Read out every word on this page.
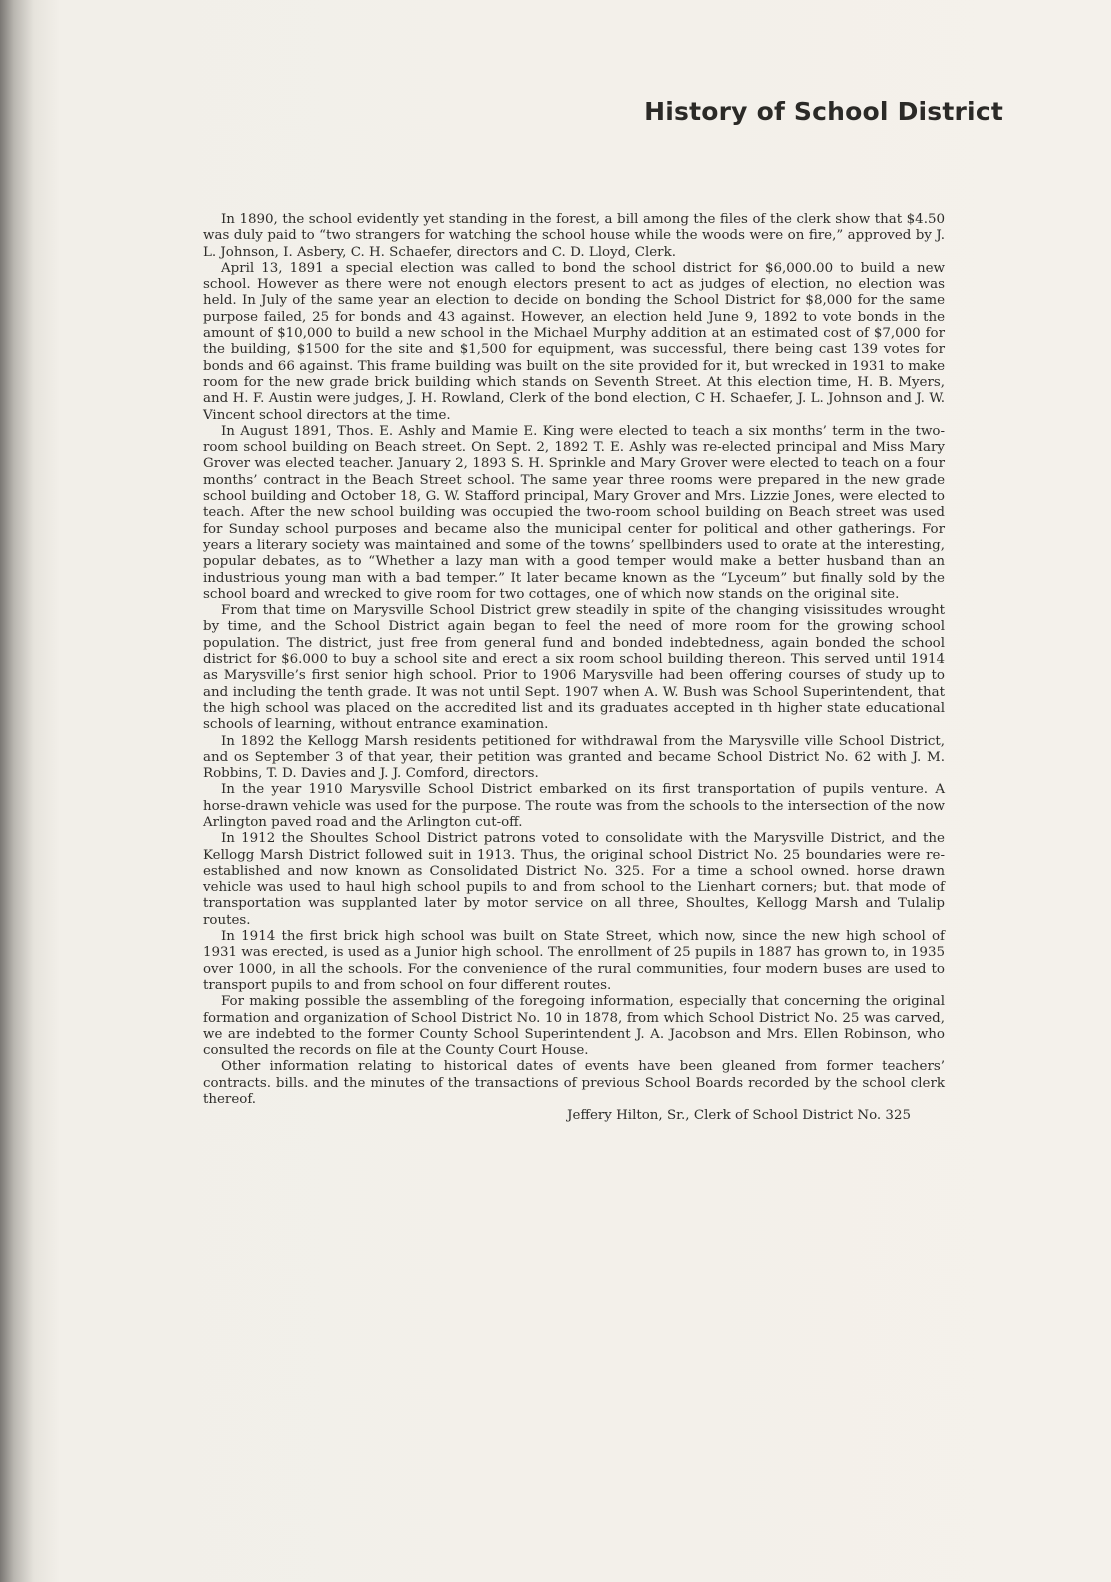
History of School District

In 1890, the school evidently yet standing in the forest, a bill among the files of the clerk show that $4.50 was duly paid to “two strangers for watching the school house while the woods were on fire,” approved by J. L. Johnson, I. Asbery, C. H. Schaefer, directors and C. D. Lloyd, Clerk.

April 13, 1891 a special election was called to bond the school district for $6,000.00 to build a new school. However as there were not enough electors present to act as judges of election, no election was held. In July of the same year an election to decide on bonding the School District for $8,000 for the same purpose failed, 25 for bonds and 43 against. However, an election held June 9, 1892 to vote bonds in the amount of $10,000 to build a new school in the Michael Murphy addition at an estimated cost of $7,000 for the building, $1500 for the site and $1,500 for equipment, was successful, there being cast 139 votes for bonds and 66 against. This frame building was built on the site provided for it, but wrecked in 1931 to make room for the new grade brick building which stands on Seventh Street. At this election time, H. B. Myers, and H. F. Austin were judges, J. H. Rowland, Clerk of the bond election, C H. Schaefer, J. L. Johnson and J. W. Vincent school directors at the time.

In August 1891, Thos. E. Ashly and Mamie E. King were elected to teach a six months’ term in the two-room school building on Beach street. On Sept. 2, 1892 T. E. Ashly was re-elected principal and Miss Mary Grover was elected teacher. January 2, 1893 S. H. Sprinkle and Mary Grover were elected to teach on a four months’ contract in the Beach Street school. The same year three rooms were prepared in the new grade school building and October 18, G. W. Stafford principal, Mary Grover and Mrs. Lizzie Jones, were elected to teach. After the new school building was occupied the two-room school building on Beach street was used for Sunday school purposes and became also the municipal center for political and other gatherings. For years a literary society was maintained and some of the towns’ spellbinders used to orate at the interesting, popular debates, as to “Whether a lazy man with a good temper would make a better husband than an industrious young man with a bad temper.” It later became known as the “Lyceum” but finally sold by the school board and wrecked to give room for two cottages, one of which now stands on the original site.

From that time on Marysville School District grew steadily in spite of the changing visissitudes wrought by time, and the School District again began to feel the need of more room for the growing school population. The district, just free from general fund and bonded indebtedness, again bonded the school district for $6.000 to buy a school site and erect a six room school building thereon. This served until 1914 as Marysville’s first senior high school. Prior to 1906 Marysville had been offering courses of study up to and including the tenth grade. It was not until Sept. 1907 when A. W. Bush was School Superintendent, that the high school was placed on the accredited list and its graduates accepted in th higher state educational schools of learning, without entrance examination.

In 1892 the Kellogg Marsh residents petitioned for withdrawal from the Marysville ville School District, and os September 3 of that year, their petition was granted and became School District No. 62 with J. M. Robbins, T. D. Davies and J. J. Comford, directors.

In the year 1910 Marysville School District embarked on its first transportation of pupils venture. A horse-drawn vehicle was used for the purpose. The route was from the schools to the intersection of the now Arlington paved road and the Arlington cut-off.

In 1912 the Shoultes School District patrons voted to consolidate with the Marysville District, and the Kellogg Marsh District followed suit in 1913. Thus, the original school District No. 25 boundaries were re-established and now known as Consolidated District No. 325. For a time a school owned. horse drawn vehicle was used to haul high school pupils to and from school to the Lienhart corners; but. that mode of transportation was supplanted later by motor service on all three, Shoultes, Kellogg Marsh and Tulalip routes.

In 1914 the first brick high school was built on State Street, which now, since the new high school of 1931 was erected, is used as a Junior high school. The enrollment of 25 pupils in 1887 has grown to, in 1935 over 1000, in all the schools. For the convenience of the rural communities, four modern buses are used to transport pupils to and from school on four different routes.

For making possible the assembling of the foregoing information, especially that concerning the original formation and organization of School District No. 10 in 1878, from which School District No. 25 was carved, we are indebted to the former County School Superintendent J. A. Jacobson and Mrs. Ellen Robinson, who consulted the records on file at the County Court House.

Other information relating to historical dates of events have been gleaned from former teachers’ contracts. bills. and the minutes of the transactions of previous School Boards recorded by the school clerk thereof.

Jeffery Hilton, Sr., Clerk of School District No. 325
